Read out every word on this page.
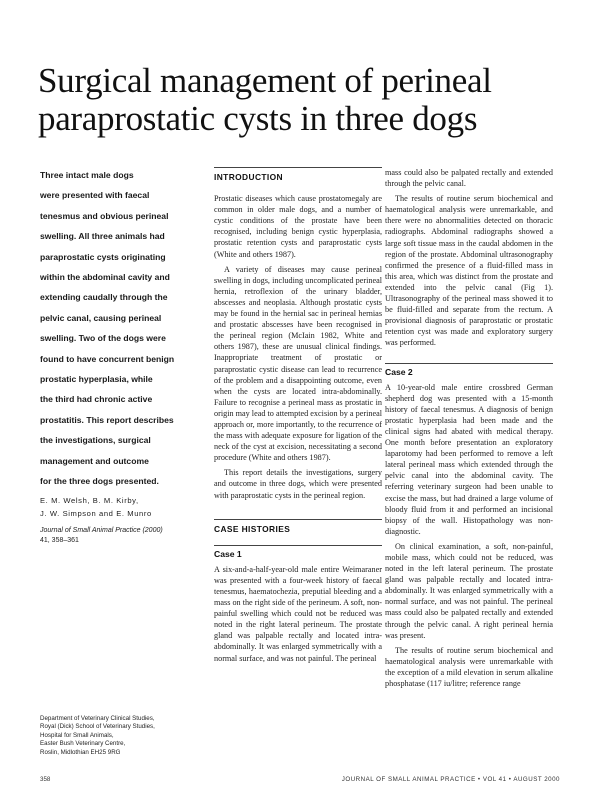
Surgical management of perineal
paraprostatic cysts in three dogs
Three intact male dogs
were presented with faecal
tenesmus and obvious perineal
swelling. All three animals had
paraprostatic cysts originating
within the abdominal cavity and
extending caudally through the
pelvic canal, causing perineal
swelling. Two of the dogs were
found to have concurrent benign
prostatic hyperplasia, while
the third had chronic active
prostatitis. This report describes
the investigations, surgical
management and outcome
for the three dogs presented.
E. M. Welsh, B. M. Kirby,
J. W. Simpson and E. Munro
Journal of Small Animal Practice (2000)
41, 358–361
Department of Veterinary Clinical Studies,
Royal (Dick) School of Veterinary Studies,
Hospital for Small Animals,
Easter Bush Veterinary Centre,
Roslin, Midlothian EH25 9RG
INTRODUCTION

Prostatic diseases which cause prostatomegaly are common in older male dogs, and a number of cystic conditions of the prostate have been recognised, including benign cystic hyperplasia, prostatic retention cysts and paraprostatic cysts (White and others 1987).

A variety of diseases may cause perineal swelling in dogs, including uncomplicated perineal hernia, retroflexion of the urinary bladder, abscesses and neoplasia. Although prostatic cysts may be found in the hernial sac in perineal hernias and prostatic abscesses have been recognised in the perineal region (McIain 1982, White and others 1987), these are unusual clinical findings. Inappropriate treatment of prostatic or paraprostatic cystic disease can lead to recurrence of the problem and a disappointing outcome, even when the cysts are located intra-abdominally. Failure to recognise a perineal mass as prostatic in origin may lead to attempted excision by a perineal approach or, more importantly, to the recurrence of the mass with adequate exposure for ligation of the neck of the cyst at excision, necessitating a second procedure (White and others 1987).

This report details the investigations, surgery and outcome in three dogs, which were presented with paraprostatic cysts in the perineal region.

CASE HISTORIES
Case 1

A six-and-a-half-year-old male entire Weimaraner was presented with a four-week history of faecal tenesmus, haematochezia, preputial bleeding and a mass on the right side of the perineum. A soft, non-painful swelling which could not be reduced was noted in the right lateral perineum. The prostate gland was palpable rectally and located intra-abdominally. It was enlarged symmetrically with a normal surface, and was not painful. The perineal

mass could also be palpated rectally and extended through the pelvic canal.

The results of routine serum biochemical and haematological analysis were unremarkable, and there were no abnormalities detected on thoracic radiographs. Abdominal radiographs showed a large soft tissue mass in the caudal abdomen in the region of the prostate. Abdominal ultrasonography confirmed the presence of a fluid-filled mass in this area, which was distinct from the prostate and extended into the pelvic canal (Fig 1). Ultrasonography of the perineal mass showed it to be fluid-filled and separate from the rectum. A provisional diagnosis of paraprostatic or prostatic retention cyst was made and exploratory surgery was performed.

Case 2

A 10-year-old male entire crossbred German shepherd dog was presented with a 15-month history of faecal tenesmus. A diagnosis of benign prostatic hyperplasia had been made and the clinical signs had abated with medical therapy. One month before presentation an exploratory laparotomy had been performed to remove a left lateral perineal mass which extended through the pelvic canal into the abdominal cavity. The referring veterinary surgeon had been unable to excise the mass, but had drained a large volume of bloody fluid from it and performed an incisional biopsy of the wall. Histopathology was non-diagnostic.

On clinical examination, a soft, non-painful, mobile mass, which could not be reduced, was noted in the left lateral perineum. The prostate gland was palpable rectally and located intra-abdominally. It was enlarged symmetrically with a normal surface, and was not painful. The perineal mass could also be palpated rectally and extended through the pelvic canal. A right perineal hernia was present.

The results of routine serum biochemical and haematological analysis were unremarkable with the exception of a mild elevation in serum alkaline phosphatase (117 iu/litre; reference range

358	JOURNAL OF SMALL ANIMAL PRACTICE • VOL 41 • AUGUST 2000
